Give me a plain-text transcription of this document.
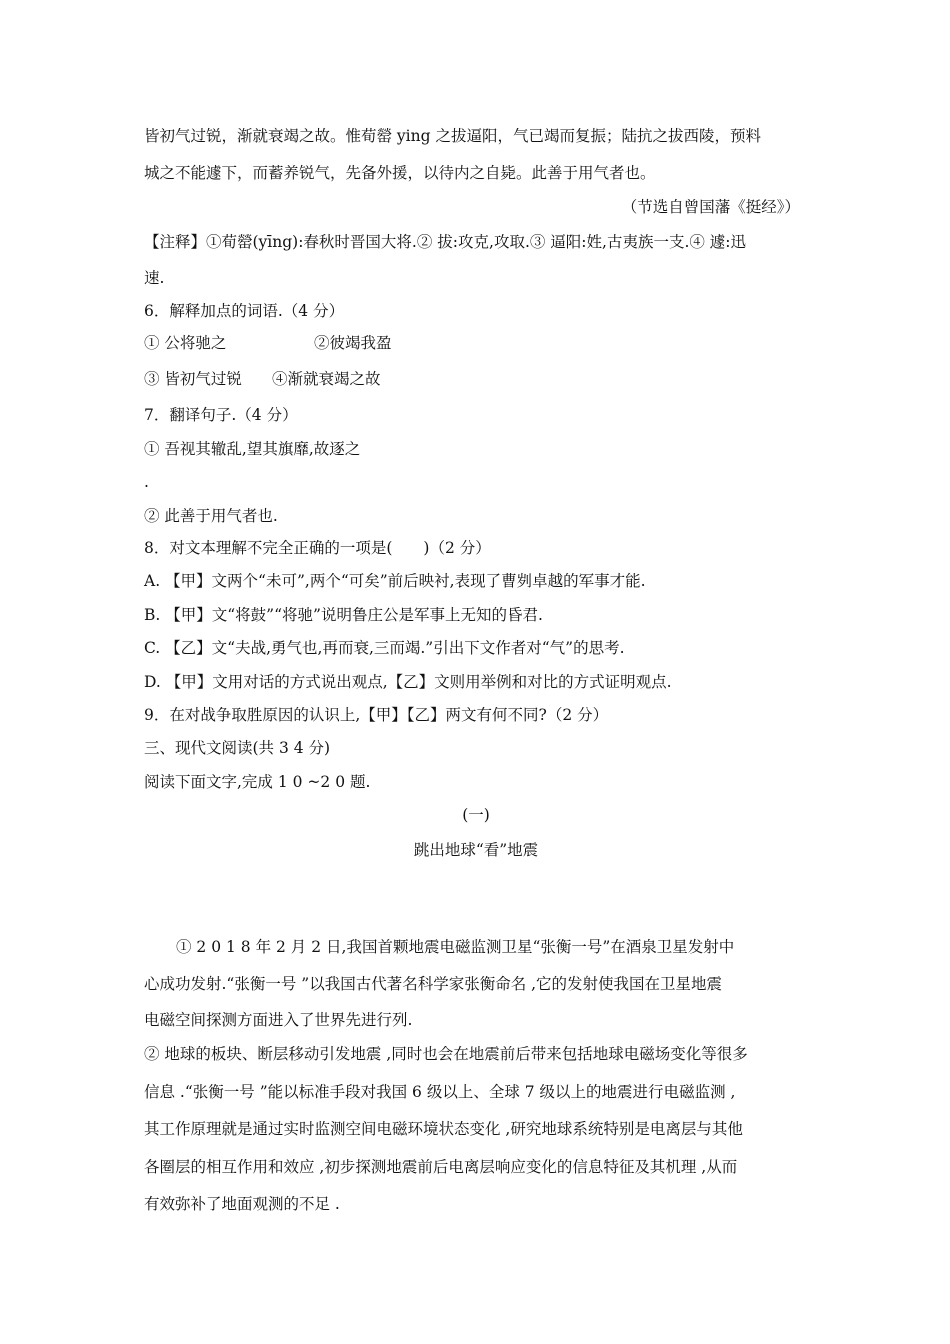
皆初气过锐，渐就衰竭之故。惟荀罃 ying 之拔逼阳，气已竭而复振；陆抗之拔西陵，预料
城之不能遽下，而蓄养锐气，先备外援，以待内之自毙。此善于用气者也。
（节选自曾国藩《挺经》）
【注释】①荀罃(yīng):春秋时晋国大将.② 拔:攻克,攻取.③ 逼阳:姓,古夷族一支.④ 遽:迅
速.
6．解释加点的词语.（4 分）
① 公将驰之	②彼竭我盈
③ 皆初气过锐	④渐就衰竭之故
7．翻译句子.（4 分）
① 吾视其辙乱,望其旗靡,故逐之
.
② 此善于用气者也.
8．对文本理解不完全正确的一项是(　　)（2 分）
A. 【甲】文两个“未可”,两个“可矣”前后映衬,表现了曹刿卓越的军事才能.
B. 【甲】文“将鼓”“将驰”说明鲁庄公是军事上无知的昏君.
C. 【乙】文“夫战,勇气也,再而衰,三而竭.”引出下文作者对“气”的思考.
D. 【甲】文用对话的方式说出观点,【乙】文则用举例和对比的方式证明观点.
9．在对战争取胜原因的认识上,【甲】【乙】两文有何不同?（2 分）
三、现代文阅读(共 3 4 分)
阅读下面文字,完成 1 0 ~2 0 题.
(一)
跳出地球“看”地震
① 2 0 1 8 年 2 月 2 日,我国首颗地震电磁监测卫星“张衡一号”在酒泉卫星发射中
心成功发射.“张衡一号 ”以我国古代著名科学家张衡命名 ,它的发射使我国在卫星地震
电磁空间探测方面进入了世界先进行列.
② 地球的板块、断层移动引发地震 ,同时也会在地震前后带来包括地球电磁场变化等很多
信息 .“张衡一号 ”能以标准手段对我国 6 级以上、全球 7 级以上的地震进行电磁监测 ,
其工作原理就是通过实时监测空间电磁环境状态变化 ,研究地球系统特别是电离层与其他
各圈层的相互作用和效应 ,初步探测地震前后电离层响应变化的信息特征及其机理 ,从而
有效弥补了地面观测的不足 .
